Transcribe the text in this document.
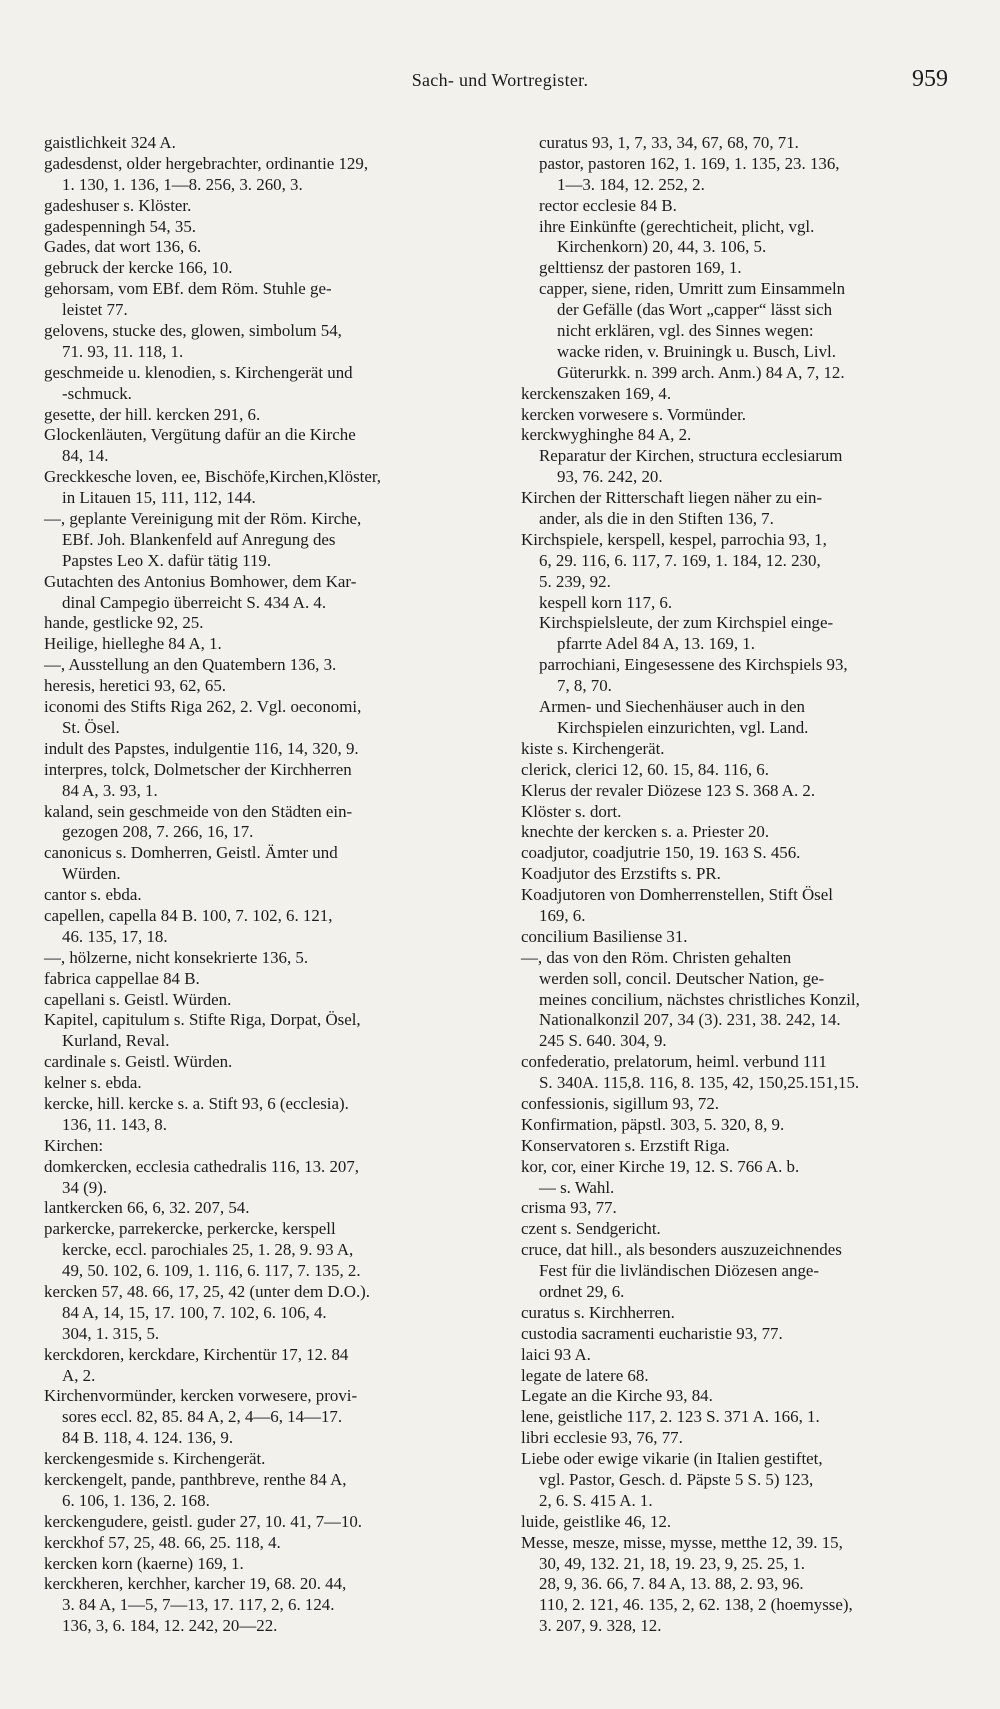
Sach- und Wortregister.	959
gaistlichkeit 324 A.
gadesdenst, older hergebrachter, ordinantie 129,
1. 130, 1. 136, 1—8. 256, 3. 260, 3.
gadeshuser s. Klöster.
gadespenningh 54, 35.
Gades, dat wort 136, 6.
gebruck der kercke 166, 10.
gehorsam, vom EBf. dem Röm. Stuhle ge-
leistet 77.
gelovens, stucke des, glowen, simbolum 54,
71. 93, 11. 118, 1.
geschmeide u. klenodien, s. Kirchengerät und
-schmuck.
gesette, der hill. kercken 291, 6.
Glockenläuten, Vergütung dafür an die Kirche
84, 14.
Greckkesche loven, ee, Bischöfe,Kirchen,Klöster,
in Litauen 15, 111, 112, 144.
—, geplante Vereinigung mit der Röm. Kirche,
EBf. Joh. Blankenfeld auf Anregung des
Papstes Leo X. dafür tätig 119.
Gutachten des Antonius Bomhower, dem Kar-
dinal Campegio überreicht S. 434 A. 4.
hande, gestlicke 92, 25.
Heilige, hielleghe 84 A, 1.
—, Ausstellung an den Quatembern 136, 3.
heresis, heretici 93, 62, 65.
iconomi des Stifts Riga 262, 2. Vgl. oeconomi,
St. Ösel.
indult des Papstes, indulgentie 116, 14, 320, 9.
interpres, tolck, Dolmetscher der Kirchherren
84 A, 3. 93, 1.
kaland, sein geschmeide von den Städten ein-
gezogen 208, 7. 266, 16, 17.
canonicus s. Domherren, Geistl. Ämter und
Würden.
cantor s. ebda.
capellen, capella 84 B. 100, 7. 102, 6. 121,
46. 135, 17, 18.
—, hölzerne, nicht konsekrierte 136, 5.
fabrica cappellae 84 B.
capellani s. Geistl. Würden.
Kapitel, capitulum s. Stifte Riga, Dorpat, Ösel,
Kurland, Reval.
cardinale s. Geistl. Würden.
kelner s. ebda.
kercke, hill. kercke s. a. Stift 93, 6 (ecclesia).
136, 11. 143, 8.
Kirchen:
domkercken, ecclesia cathedralis 116, 13. 207,
34 (9).
lantkercken 66, 6, 32. 207, 54.
parkercke, parrekercke, perkercke, kerspell
kercke, eccl. parochiales 25, 1. 28, 9. 93 A,
49, 50. 102, 6. 109, 1. 116, 6. 117, 7. 135, 2.
kercken 57, 48. 66, 17, 25, 42 (unter dem D.O.).
84 A, 14, 15, 17. 100, 7. 102, 6. 106, 4.
304, 1. 315, 5.
kerckdoren, kerckdare, Kirchentür 17, 12. 84
A, 2.
Kirchenvormünder, kercken vorwesere, provi-
sores eccl. 82, 85. 84 A, 2, 4—6, 14—17.
84 B. 118, 4. 124. 136, 9.
kerckengesmide s. Kirchengerät.
kerckengelt, pande, panthbreve, renthe 84 A,
6. 106, 1. 136, 2. 168.
kerckengudere, geistl. guder 27, 10. 41, 7—10.
kerckhof 57, 25, 48. 66, 25. 118, 4.
kercken korn (kaerne) 169, 1.
kerckheren, kerchher, karcher 19, 68. 20. 44,
3. 84 A, 1—5, 7—13, 17. 117, 2, 6. 124.
136, 3, 6. 184, 12. 242, 20—22.
curatus 93, 1, 7, 33, 34, 67, 68, 70, 71.
pastor, pastoren 162, 1. 169, 1. 135, 23. 136,
1—3. 184, 12. 252, 2.
rector ecclesie 84 B.
ihre Einkünfte (gerechticheit, plicht, vgl.
Kirchenkorn) 20, 44, 3. 106, 5.
gelttiensz der pastoren 169, 1.
capper, siene, riden, Umritt zum Einsammeln
der Gefälle (das Wort „capper“ lässt sich
nicht erklären, vgl. des Sinnes wegen:
wacke riden, v. Bruiningk u. Busch, Livl.
Güterurkk. n. 399 arch. Anm.) 84 A, 7, 12.
kerckenszaken 169, 4.
kercken vorwesere s. Vormünder.
kerckwyghinghe 84 A, 2.
Reparatur der Kirchen, structura ecclesiarum
93, 76. 242, 20.
Kirchen der Ritterschaft liegen näher zu ein-
ander, als die in den Stiften 136, 7.
Kirchspiele, kerspell, kespel, parrochia 93, 1,
6, 29. 116, 6. 117, 7. 169, 1. 184, 12. 230,
5. 239, 92.
kespell korn 117, 6.
Kirchspielsleute, der zum Kirchspiel einge-
pfarrte Adel 84 A, 13. 169, 1.
parrochiani, Eingesessene des Kirchspiels 93,
7, 8, 70.
Armen- und Siechenhäuser auch in den
Kirchspielen einzurichten, vgl. Land.
kiste s. Kirchengerät.
clerick, clerici 12, 60. 15, 84. 116, 6.
Klerus der revaler Diözese 123 S. 368 A. 2.
Klöster s. dort.
knechte der kercken s. a. Priester 20.
coadjutor, coadjutrie 150, 19. 163 S. 456.
Koadjutor des Erzstifts s. PR.
Koadjutoren von Domherrenstellen, Stift Ösel
169, 6.
concilium Basiliense 31.
—, das von den Röm. Christen gehalten
werden soll, concil. Deutscher Nation, ge-
meines concilium, nächstes christliches Konzil,
Nationalkonzil 207, 34 (3). 231, 38. 242, 14.
245 S. 640. 304, 9.
confederatio, prelatorum, heiml. verbund 111
S. 340A. 115,8. 116, 8. 135, 42, 150,25.151,15.
confessionis, sigillum 93, 72.
Konfirmation, päpstl. 303, 5. 320, 8, 9.
Konservatoren s. Erzstift Riga.
kor, cor, einer Kirche 19, 12. S. 766 A. b.
— s. Wahl.
crisma 93, 77.
czent s. Sendgericht.
cruce, dat hill., als besonders auszuzeichnendes
Fest für die livländischen Diözesen ange-
ordnet 29, 6.
curatus s. Kirchherren.
custodia sacramenti eucharistie 93, 77.
laici 93 A.
legate de latere 68.
Legate an die Kirche 93, 84.
lene, geistliche 117, 2. 123 S. 371 A. 166, 1.
libri ecclesie 93, 76, 77.
Liebe oder ewige vikarie (in Italien gestiftet,
vgl. Pastor, Gesch. d. Päpste 5 S. 5) 123,
2, 6. S. 415 A. 1.
luide, geistlike 46, 12.
Messe, mesze, misse, mysse, metthe 12, 39. 15,
30, 49, 132. 21, 18, 19. 23, 9, 25. 25, 1.
28, 9, 36. 66, 7. 84 A, 13. 88, 2. 93, 96.
110, 2. 121, 46. 135, 2, 62. 138, 2 (hoemysse),
3. 207, 9. 328, 12.
